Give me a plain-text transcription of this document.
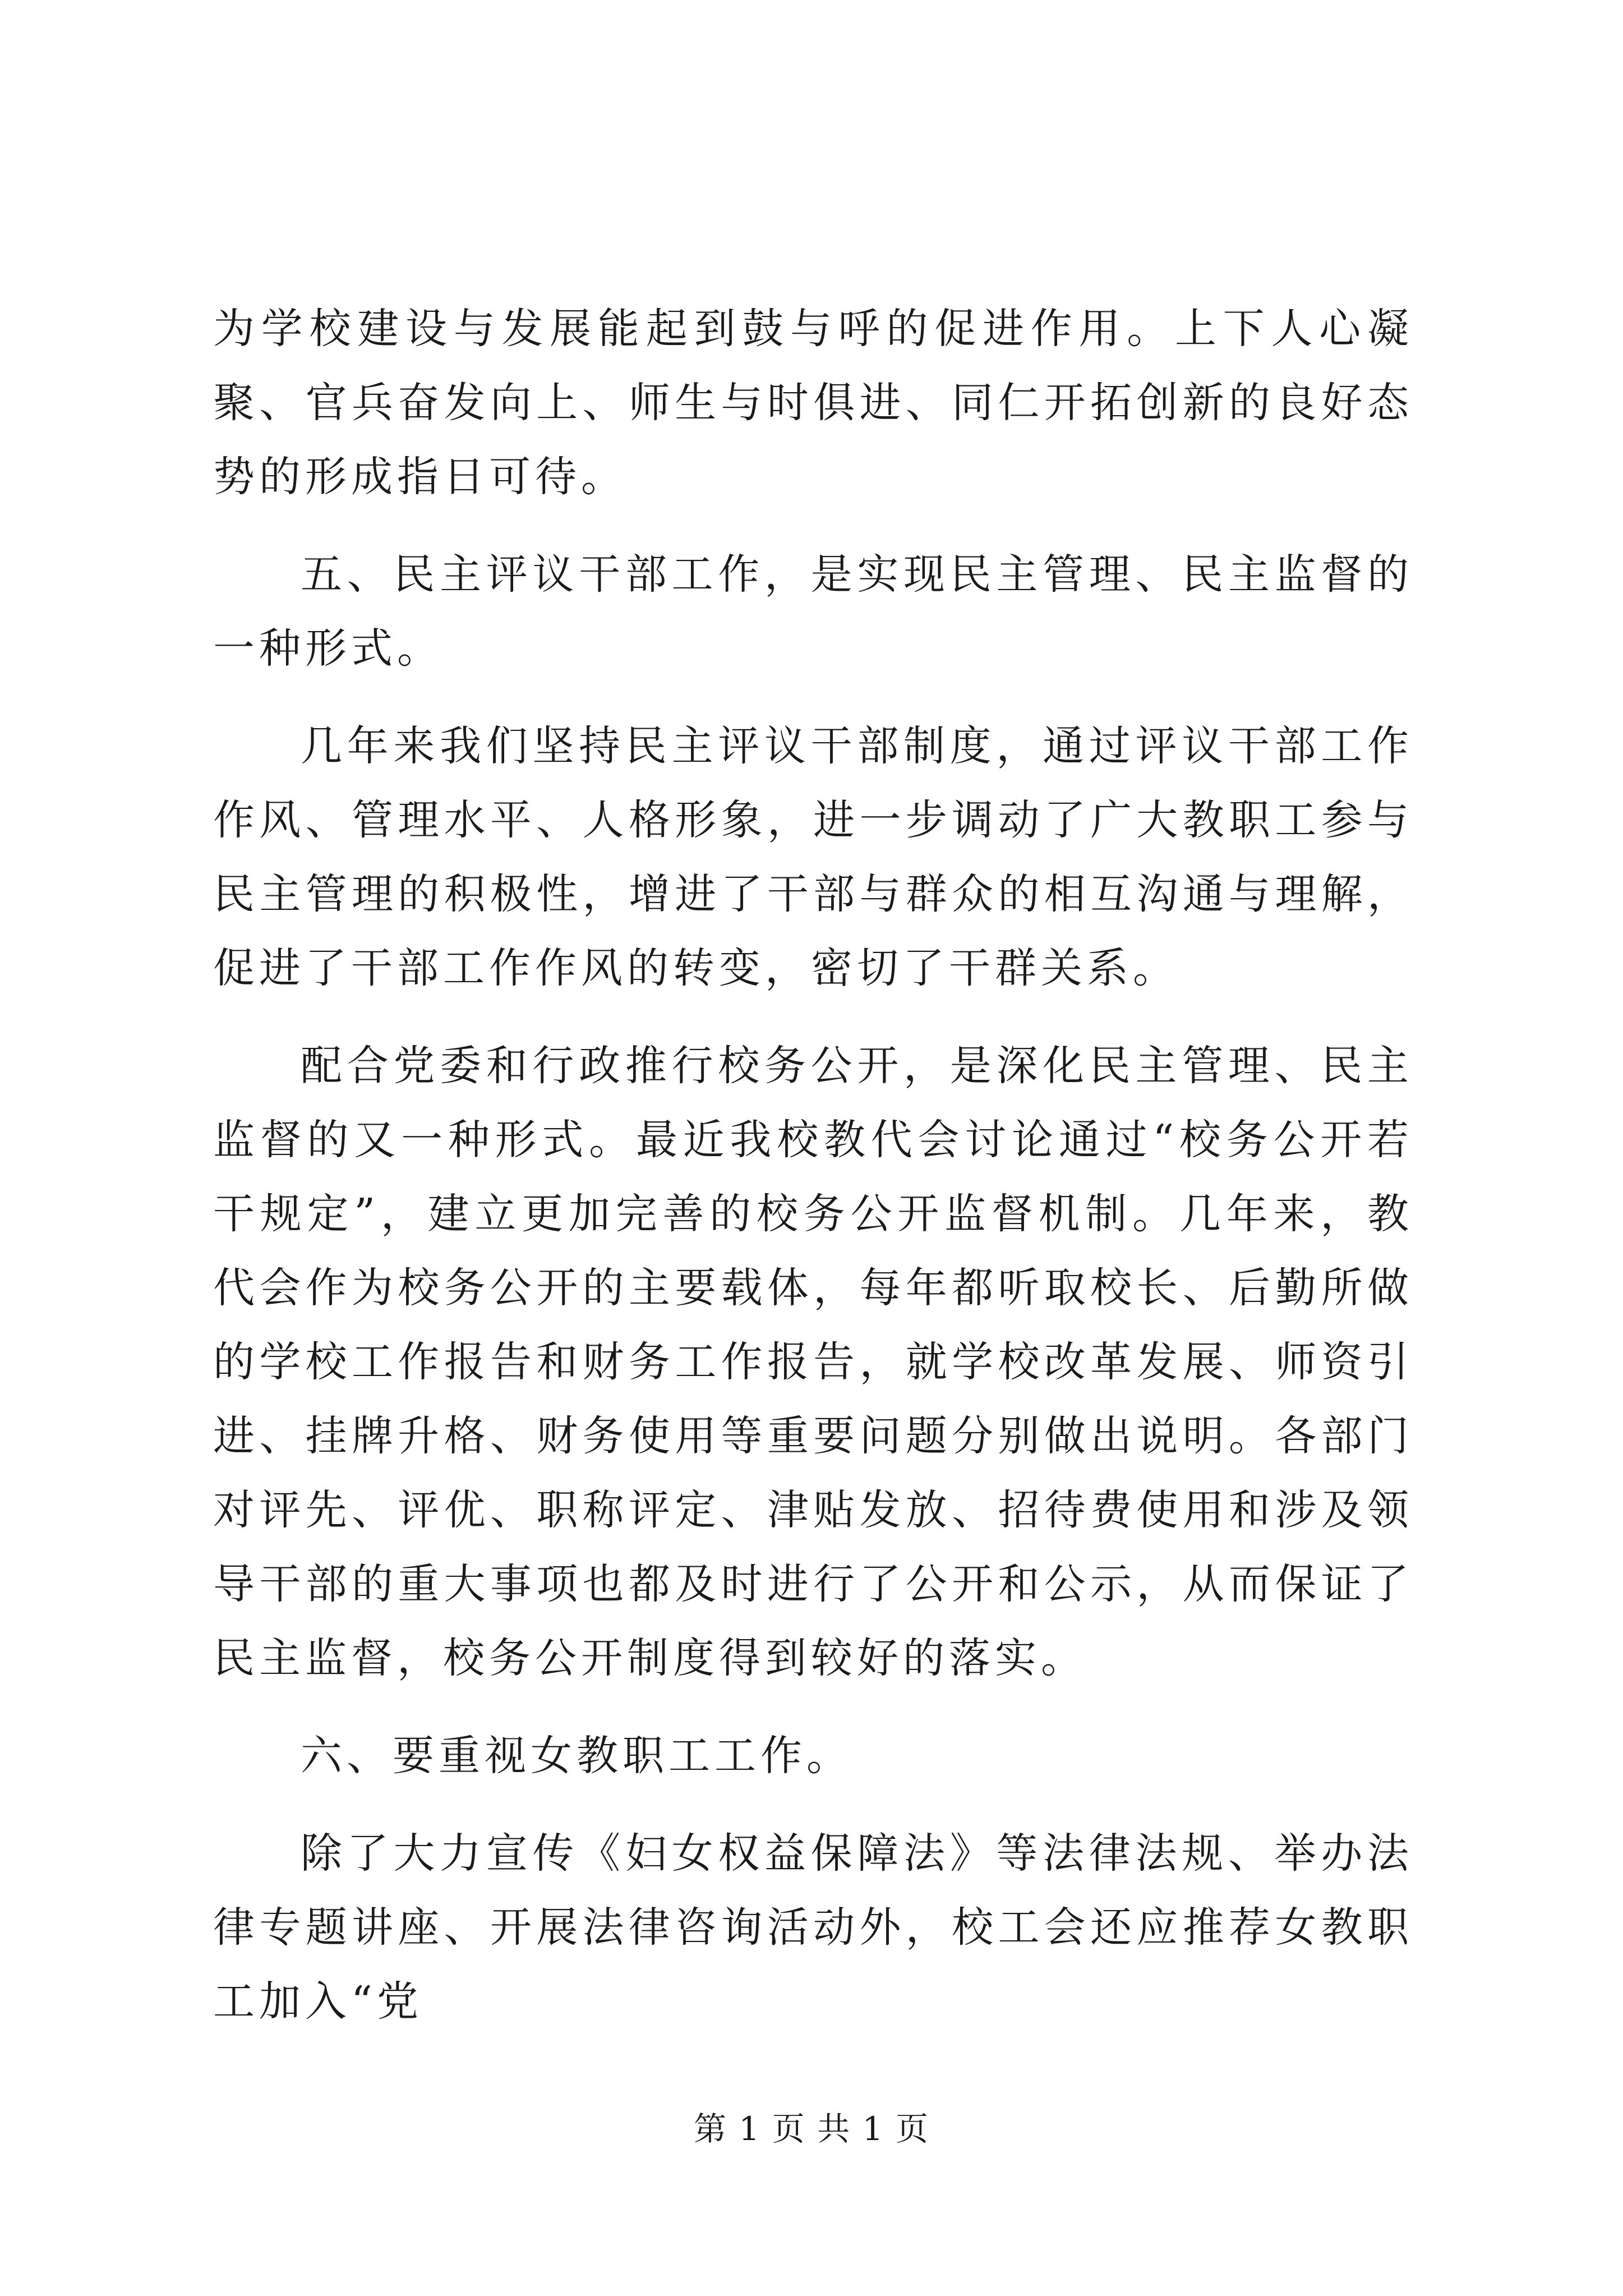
为学校建设与发展能起到鼓与呼的促进作用。上下人心凝聚、官兵奋发向上、师生与时俱进、同仁开拓创新的良好态势的形成指日可待。

五、民主评议干部工作，是实现民主管理、民主监督的一种形式。

几年来我们坚持民主评议干部制度，通过评议干部工作作风、管理水平、人格形象，进一步调动了广大教职工参与民主管理的积极性，增进了干部与群众的相互沟通与理解，促进了干部工作作风的转变，密切了干群关系。

配合党委和行政推行校务公开，是深化民主管理、民主监督的又一种形式。最近我校教代会讨论通过“校务公开若干规定”，建立更加完善的校务公开监督机制。几年来，教代会作为校务公开的主要载体，每年都听取校长、后勤所做的学校工作报告和财务工作报告，就学校改革发展、师资引进、挂牌升格、财务使用等重要问题分别做出说明。各部门对评先、评优、职称评定、津贴发放、招待费使用和涉及领导干部的重大事项也都及时进行了公开和公示，从而保证了民主监督，校务公开制度得到较好的落实。

六、要重视女教职工工作。

除了大力宣传《妇女权益保障法》等法律法规、举办法律专题讲座、开展法律咨询活动外，校工会还应推荐女教职工加入“党

第 1 页 共 1 页
